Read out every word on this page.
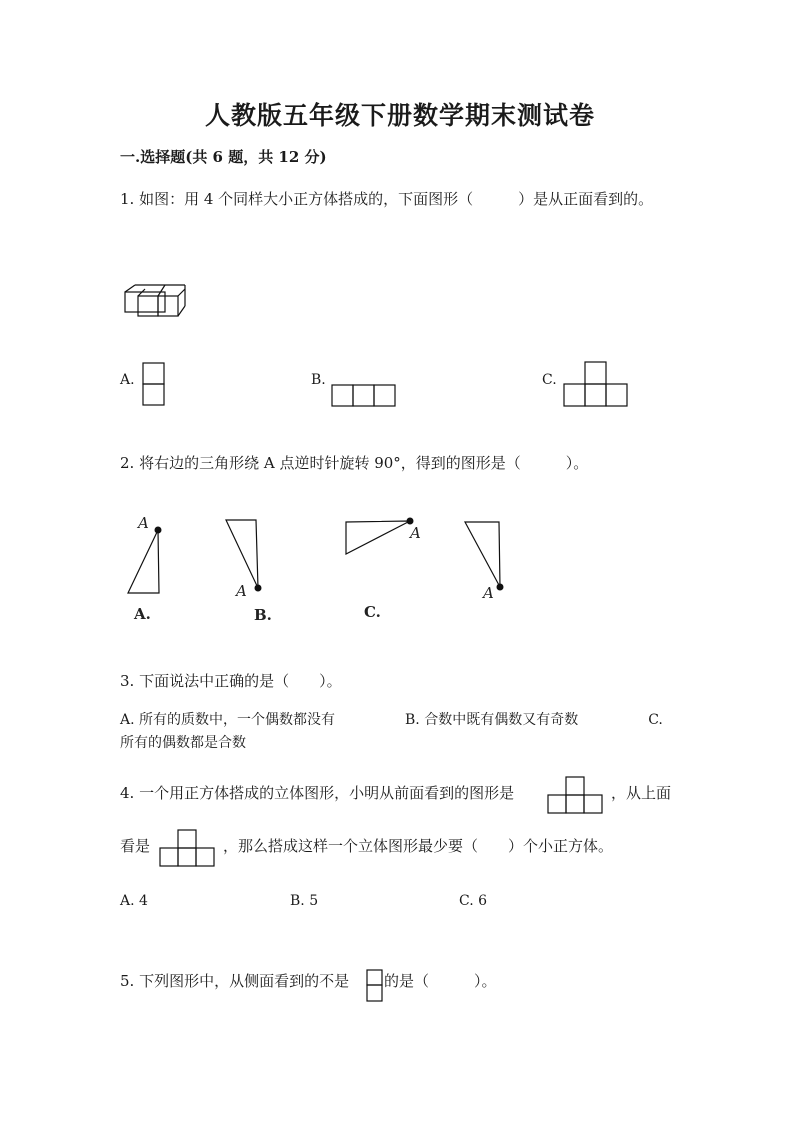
人教版五年级下册数学期末测试卷
一.选择题(共 6 题，共 12 分)
1. 如图：用 4 个同样大小正方体搭成的，下面图形（　　　）是从正面看到的。
A.	B.	C.
2. 将右边的三角形绕 A 点逆时针旋转 90°，得到的图形是（　　　）。
A
A.
A
B.
A
C.
A
3. 下面说法中正确的是（　　）。
A. 所有的质数中，一个偶数都没有　　　　　B. 合数中既有偶数又有奇数　　　　　C.
所有的偶数都是合数
4. 一个用正方体搭成的立体图形，小明从前面看到的图形是	，从上面
看是	，那么搭成这样一个立体图形最少要（　　）个小正方体。
A. 4	B. 5	C. 6
5. 下列图形中，从侧面看到的不是 的是（　　　）。
